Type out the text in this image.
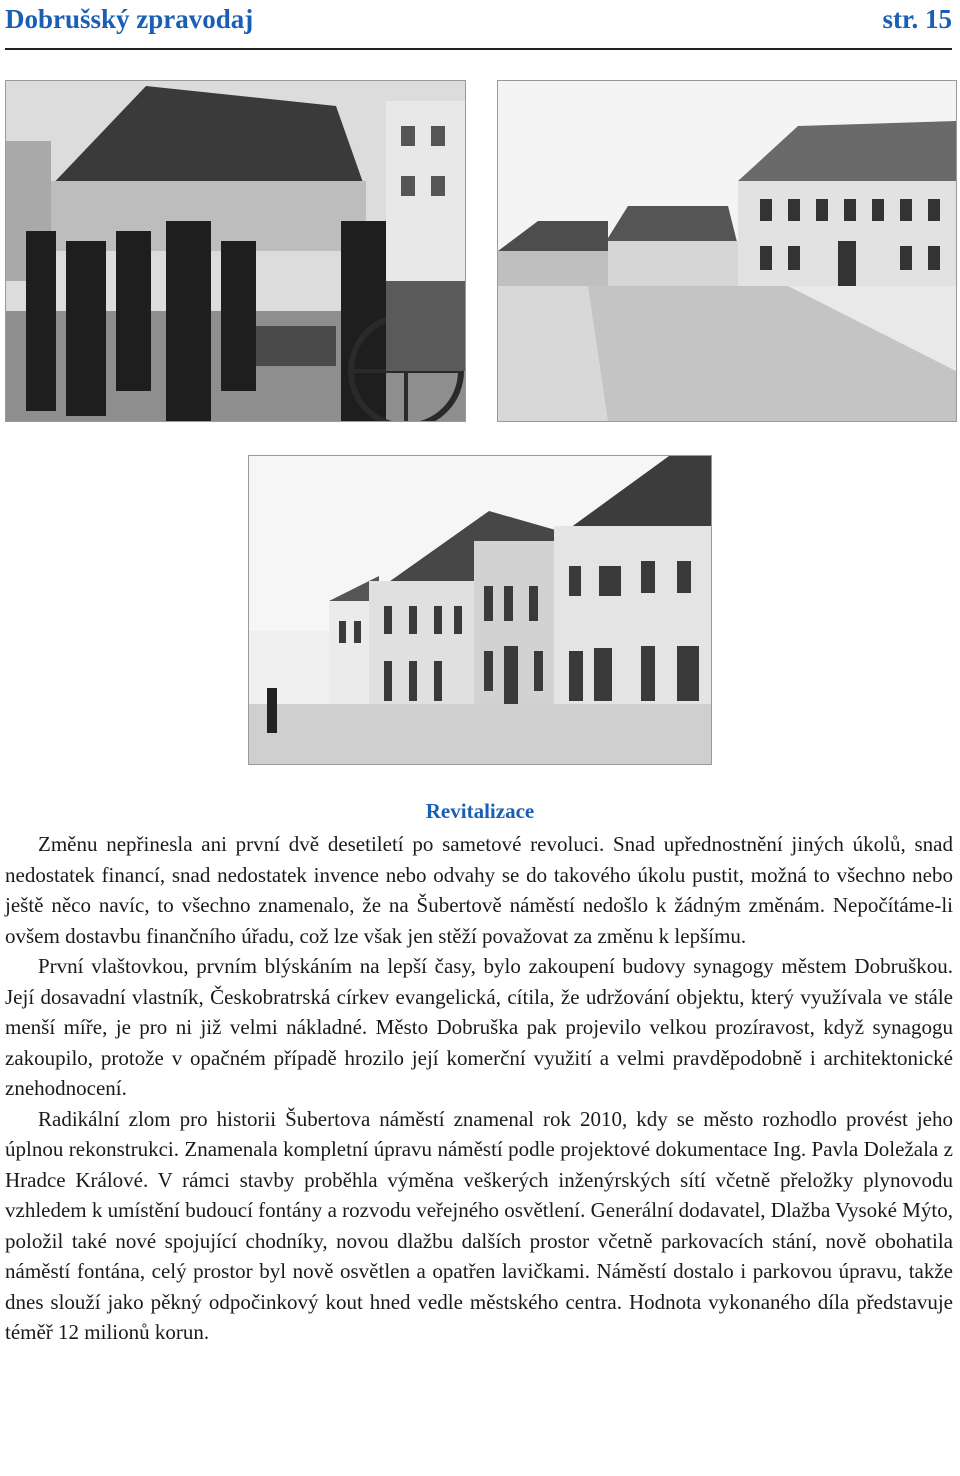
Dobrušský zpravodaj	str. 15
Revitalizace

Změnu nepřinesla ani první dvě desetiletí po sametové revoluci. Snad upřednostnění jiných úkolů, snad nedostatek financí, snad nedostatek invence nebo odvahy se do takového úkolu pustit, možná to všechno nebo ještě něco navíc, to všechno znamenalo, že na Šubertově náměstí nedošlo k žádným změnám. Nepočítáme-li ovšem dostavbu finančního úřadu, což lze však jen stěží považovat za změnu k lepšímu.

První vlaštovkou, prvním blýskáním na lepší časy, bylo zakoupení budovy synagogy městem Dobruškou. Její dosavadní vlastník, Českobratrská církev evangelická, cítila, že udržování objektu, který využívala ve stále menší míře, je pro ni již velmi nákladné. Město Dobruška pak projevilo velkou prozíravost, když synagogu zakoupilo, protože v opačném případě hrozilo její komerční využití a velmi pravděpodobně i architektonické znehodnocení.

Radikální zlom pro historii Šubertova náměstí znamenal rok 2010, kdy se město rozhodlo provést jeho úplnou rekonstrukci. Znamenala kompletní úpravu náměstí podle projektové dokumentace Ing. Pavla Doležala z Hradce Králové. V rámci stavby proběhla výměna veškerých inženýrských sítí včetně přeložky plynovodu vzhledem k umístění budoucí fontány a rozvodu veřejného osvětlení. Generální dodavatel, Dlažba Vysoké Mýto, položil také nové spojující chodníky, novou dlažbu dalších prostor včetně parkovacích stání, nově obohatila náměstí fontána, celý prostor byl nově osvětlen a opatřen lavičkami. Náměstí dostalo i parkovou úpravu, takže dnes slouží jako pěkný odpočinkový kout hned vedle městského centra. Hodnota vykonaného díla představuje téměř 12 milionů korun.
